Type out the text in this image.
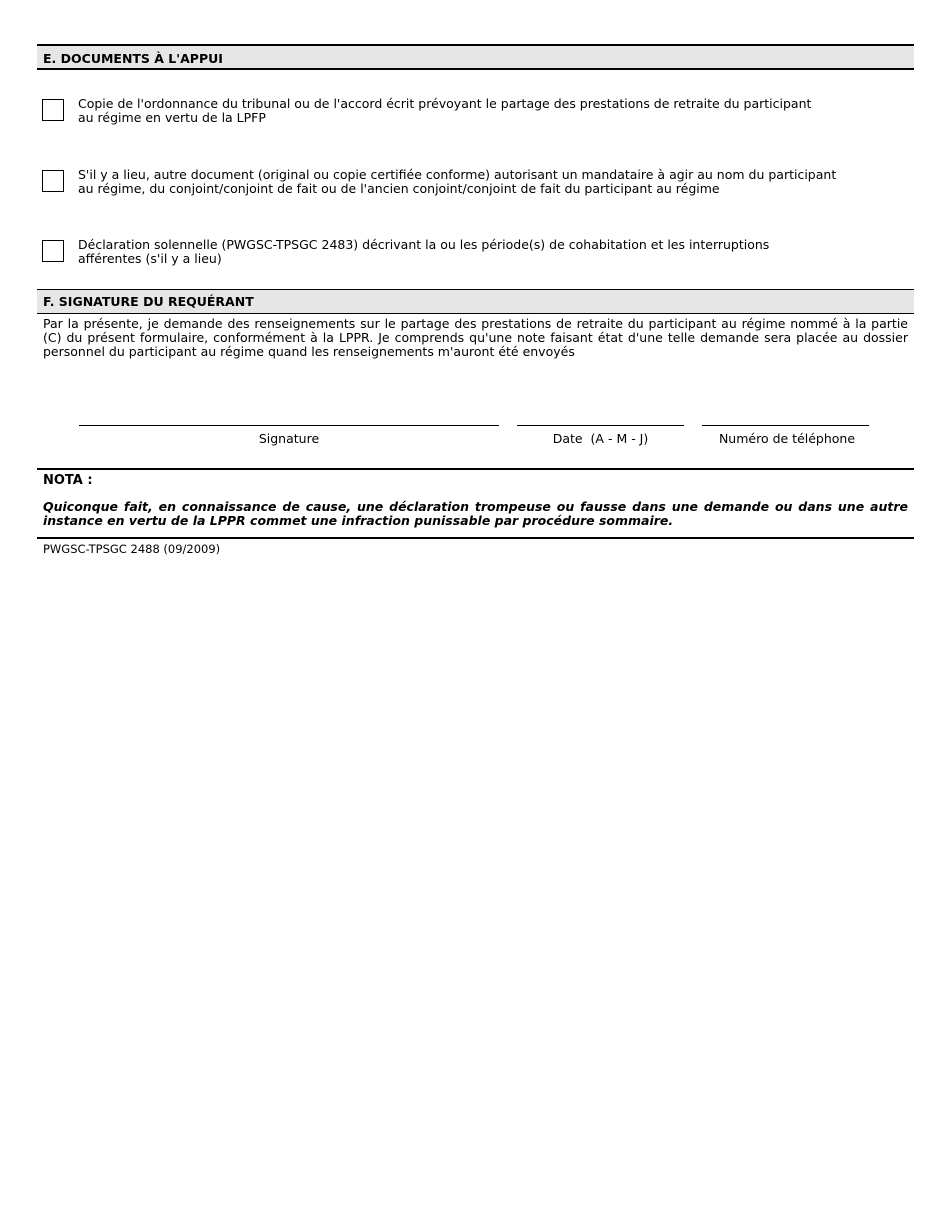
E. DOCUMENTS À L'APPUI
Copie de l'ordonnance du tribunal ou de l'accord écrit prévoyant le partage des prestations de retraite du participant
au régime en vertu de la LPFP
S'il y a lieu, autre document (original ou copie certifiée conforme) autorisant un mandataire à agir au nom du participant
au régime, du conjoint/conjoint de fait ou de l'ancien conjoint/conjoint de fait du participant au régime
Déclaration solennelle (PWGSC-TPSGC 2483) décrivant la ou les période(s) de cohabitation et les interruptions
afférentes (s'il y a lieu)
F. SIGNATURE DU REQUÉRANT
Par la présente, je demande des renseignements sur le partage des prestations de retraite du participant au régime nommé à la partie (C) du présent formulaire, conformément à la LPPR. Je comprends qu'une note faisant état d'une telle demande sera placée au dossier personnel du participant au régime quand les renseignements m'auront été envoyés
Signature	Date  (A - M - J)	Numéro de téléphone
NOTA :
Quiconque fait, en connaissance de cause, une déclaration trompeuse ou fausse dans une demande ou dans une autre instance en vertu de la LPPR commet une infraction punissable par procédure sommaire.
PWGSC-TPSGC 2488 (09/2009)
